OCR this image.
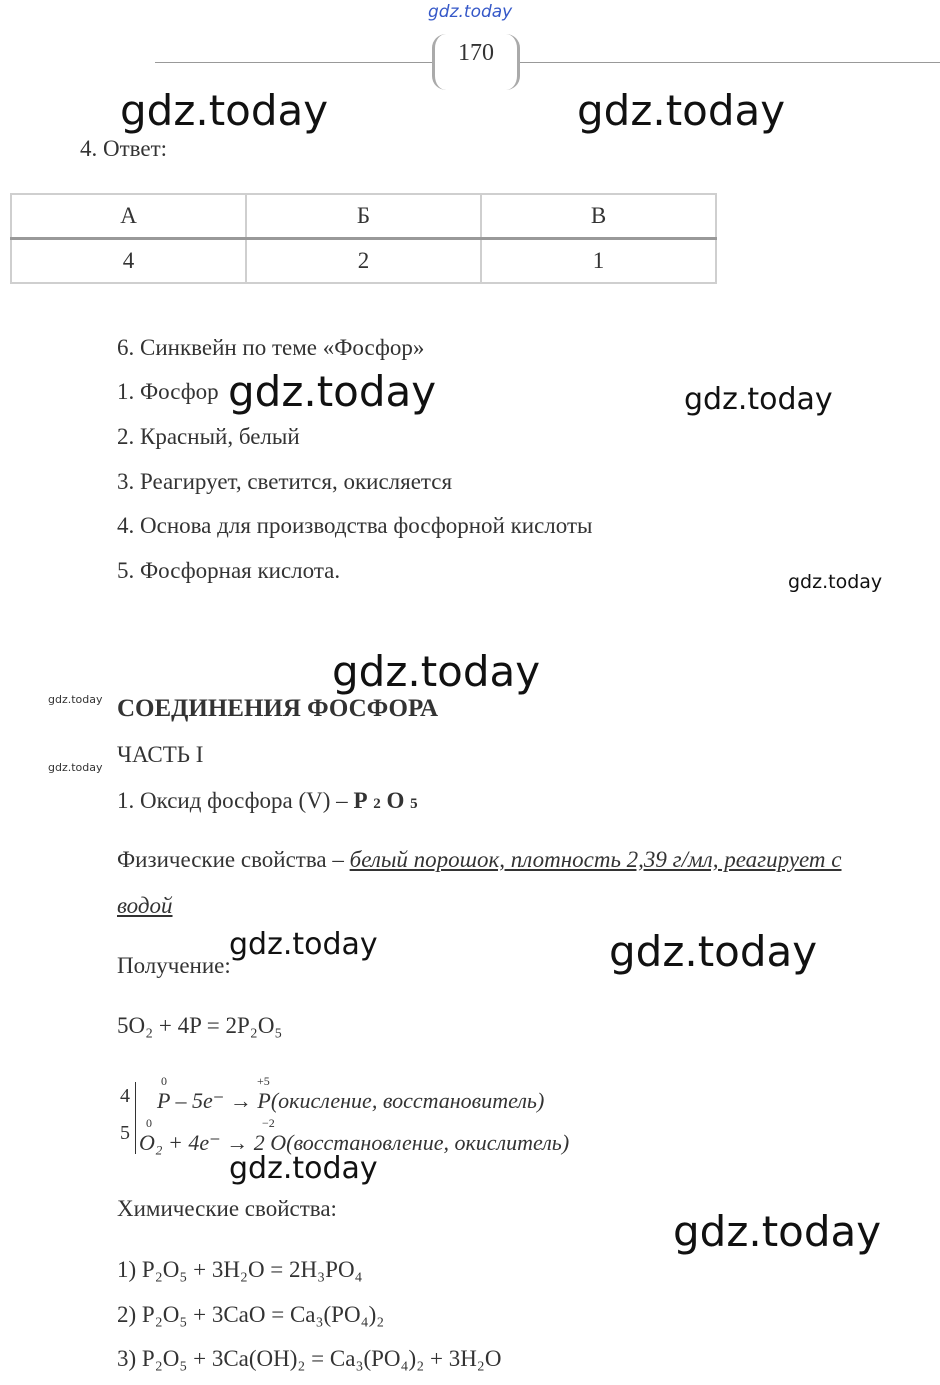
gdz.today
170
gdz.today	gdz.today
gdz.today	gdz.today
gdz.today
gdz.today
gdz.today
gdz.today
gdz.today	gdz.today
gdz.today
gdz.today
4. Ответ:
А	Б	В
4	2	1
6. Синквейн по теме «Фосфор»
1. Фосфор
2. Красный, белый
3. Реагирует, светится, окисляется
4. Основа для производства фосфорной кислоты
5. Фосфорная кислота.
СОЕДИНЕНИЯ ФОСФОРА
ЧАСТЬ I
1. Оксид фосфора (V) – P 2 O 5
Физические свойства – белый порошок, плотность 2,39 г/мл, реагирует с
водой
Получение:
5O₂ + 4P = 2P₂O₅
4
5
0	+5
P – 5e⁻ → P(окисление, восстановитель)
0	−2
O₂ + 4e⁻ → 2 O(восстановление, окислитель)
Химические свойства:
1) P₂O₅ + 3H₂O = 2H₃PO₄
2) P₂O₅ + 3CaO = Ca₃(PO₄)₂
3) P₂O₅ + 3Ca(OH)₂ = Ca₃(PO₄)₂ + 3H₂O
